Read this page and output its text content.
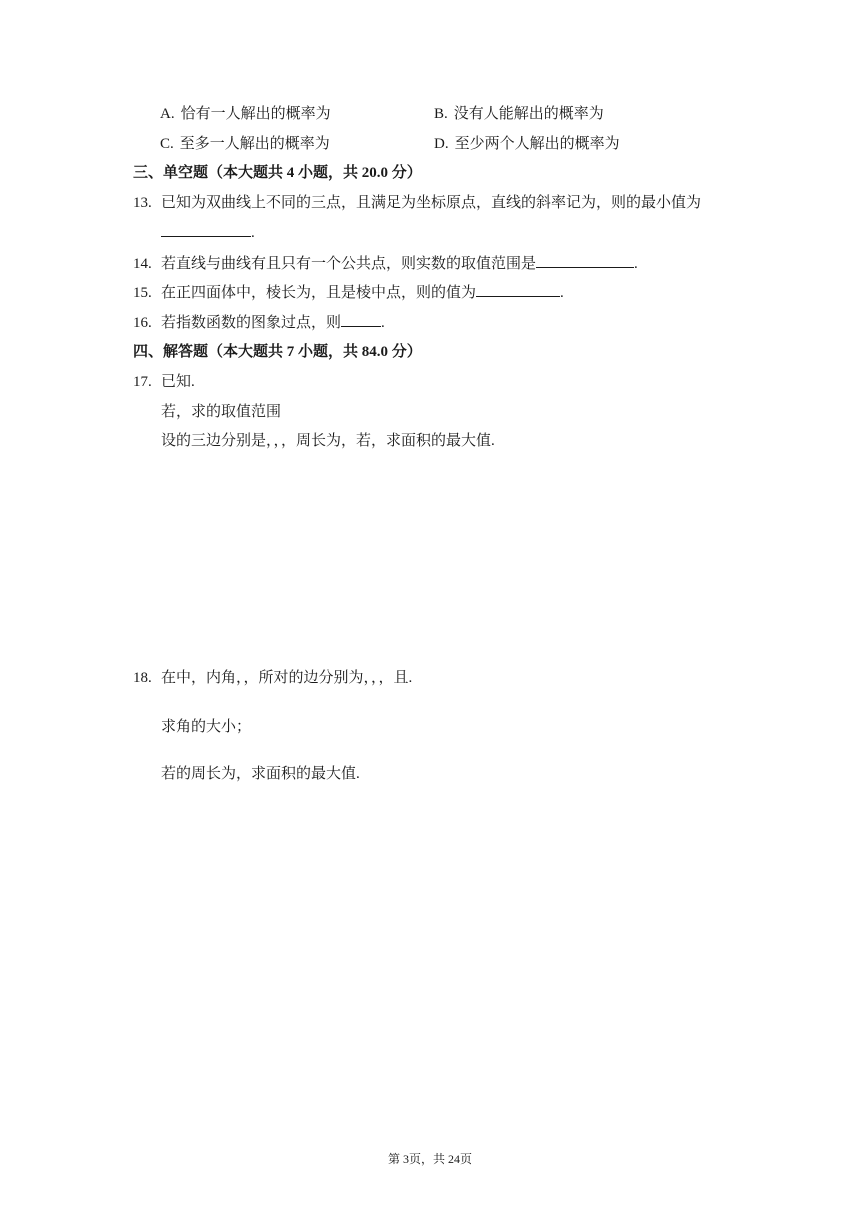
A. 恰有一人解出的概率为	B. 没有人能解出的概率为
C. 至多一人解出的概率为	D. 至少两个人解出的概率为
三、单空题（本大题共 4 小题，共 20.0 分）
13. 已知为双曲线上不同的三点，且满足为坐标原点，直线的斜率记为，则的最小值为
.
14. 若直线与曲线有且只有一个公共点，则实数的取值范围是	.
15. 在正四面体中，棱长为，且是棱中点，则的值为	.
16. 若指数函数的图象过点，则	.
四、解答题（本大题共 7 小题，共 84.0 分）
17. 已知.
若，求的取值范围
设的三边分别是，，，周长为，若，求面积的最大值.
18. 在中，内角，，所对的边分别为，，，且.
求角的大小；
若的周长为，求面积的最大值.
第 3页，共 24页
